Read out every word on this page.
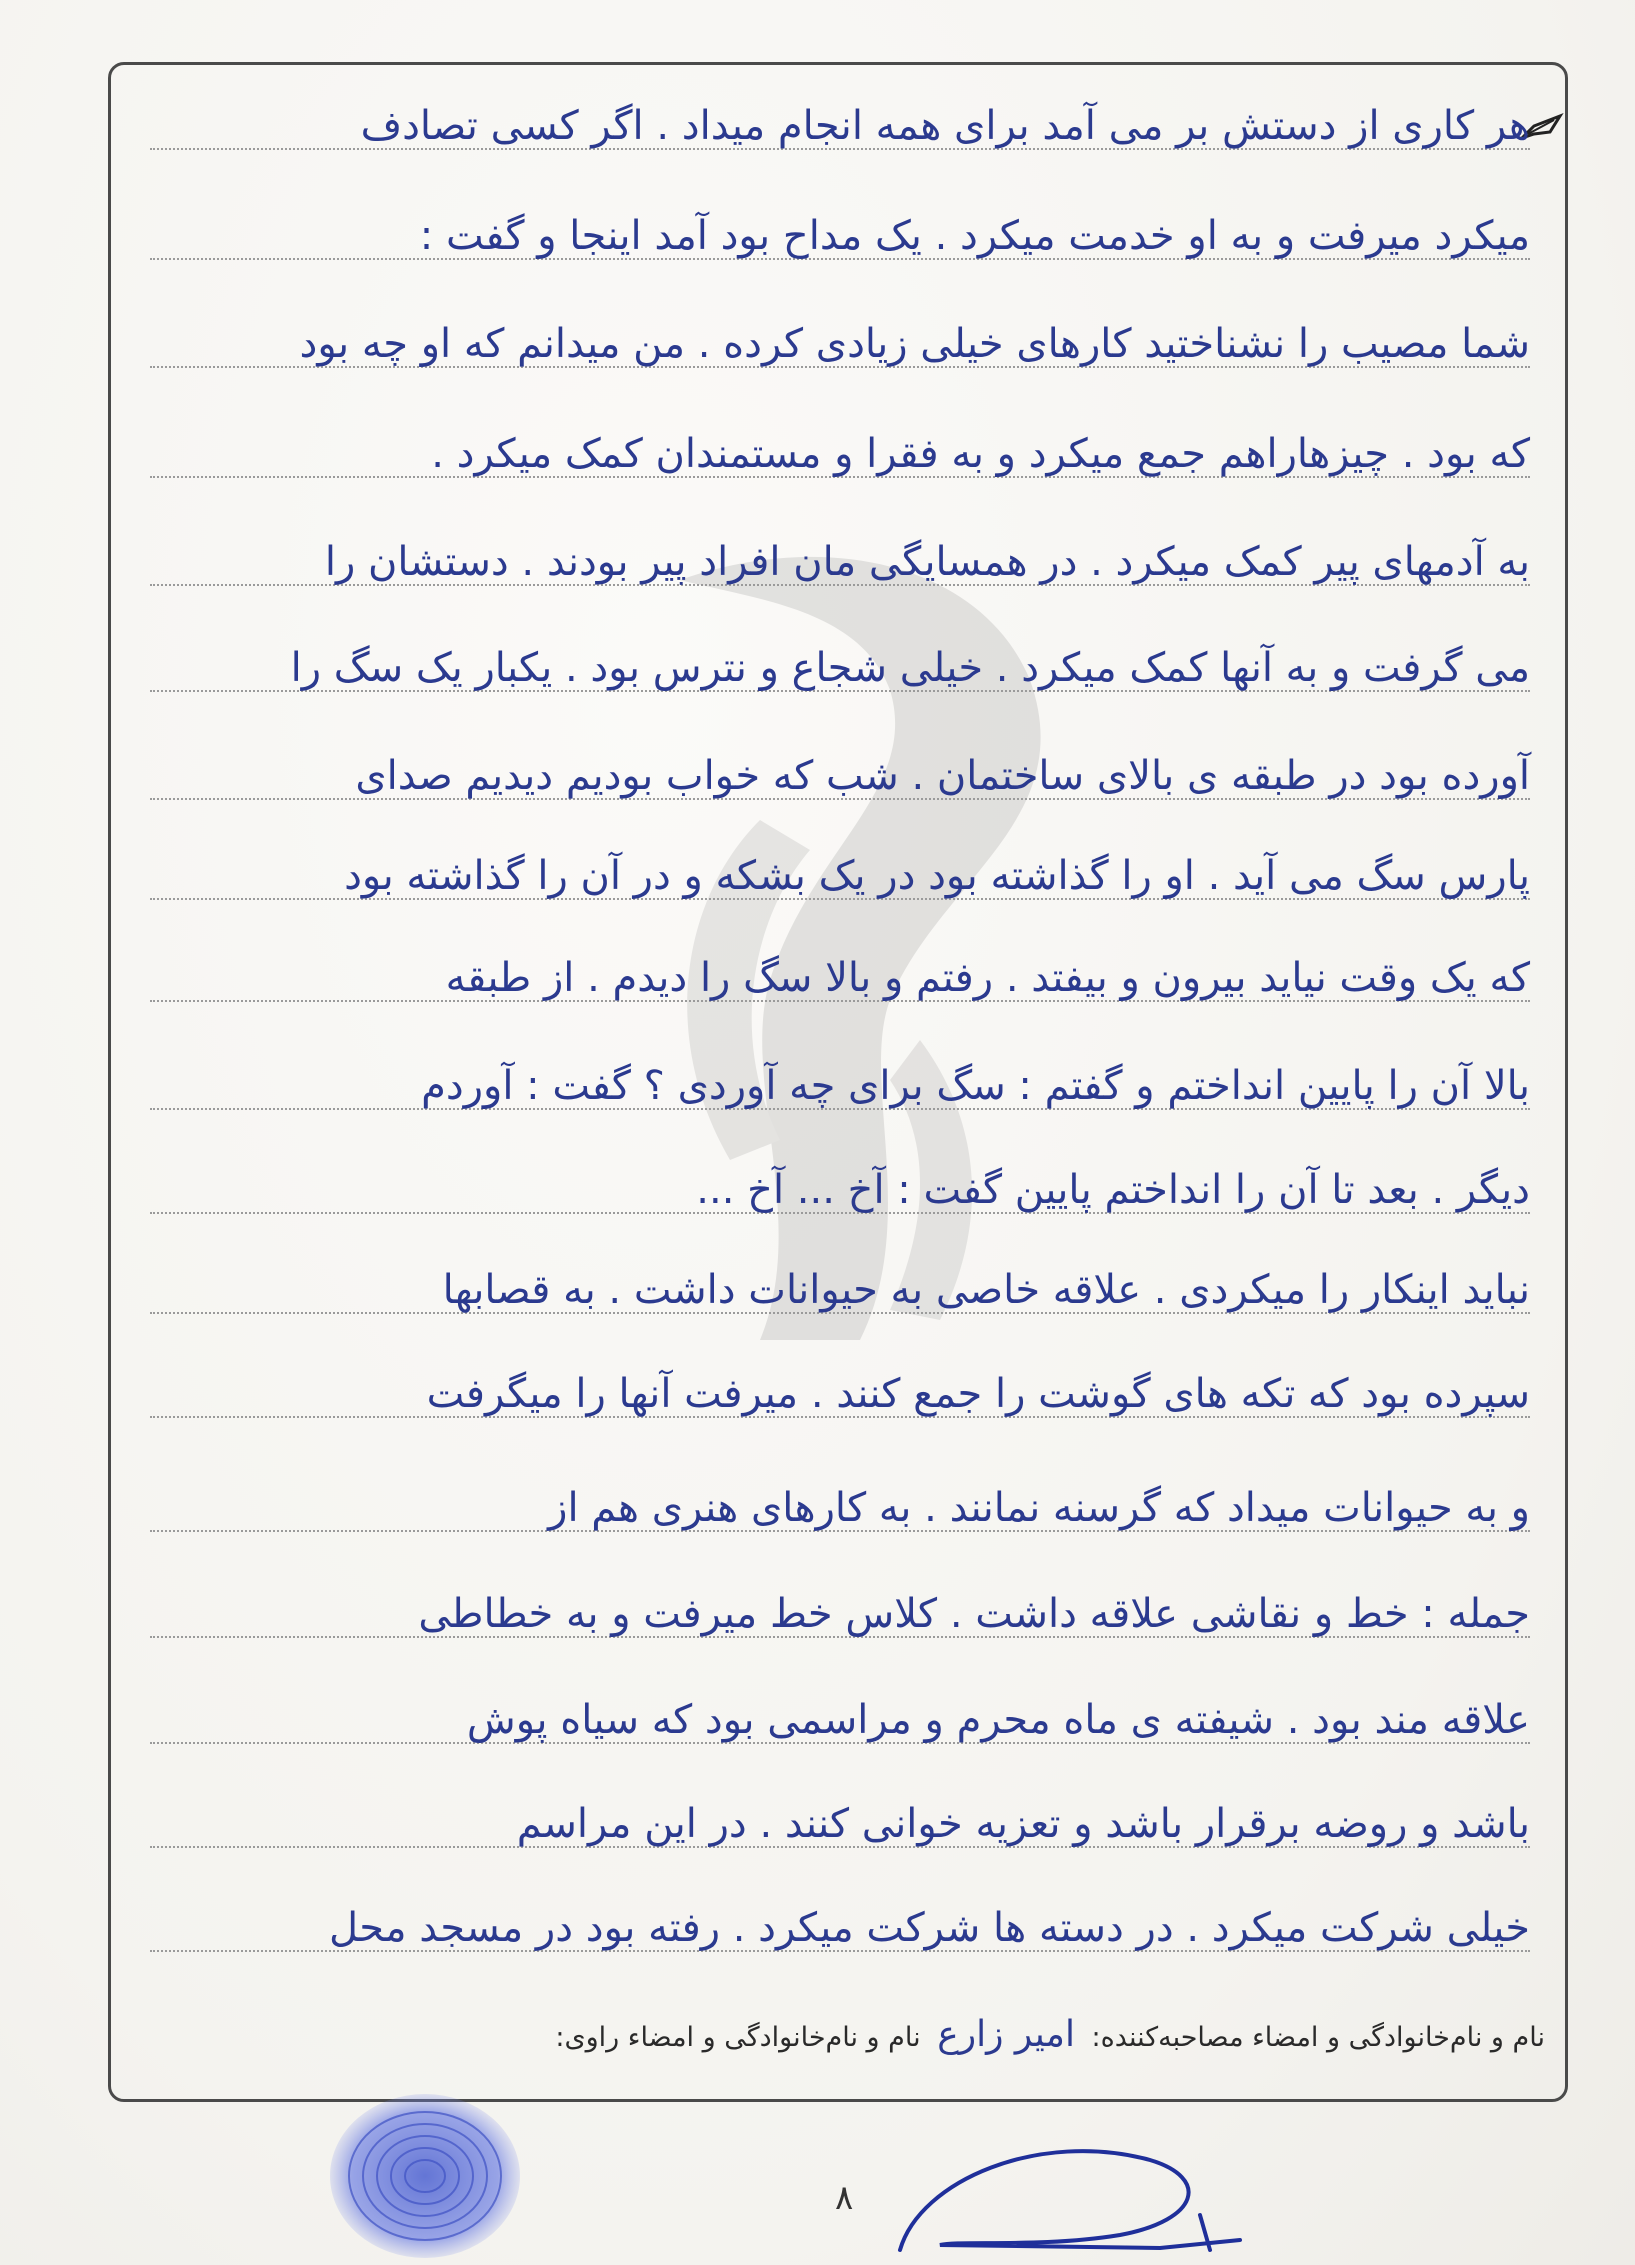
هر کاری از دستش بر می آمد برای همه انجام میداد . اگر کسی تصادف
میکرد میرفت و به او خدمت میکرد . یک مداح بود آمد اینجا و گفت :
شما مصیب را نشناختید کارهای خیلی زیادی کرده . من میدانم که او چه بود
که بود . چیزهاراهم جمع میکرد و به فقرا و مستمندان کمک میکرد .
به آدمهای پیر کمک میکرد . در همسایگی مان افراد پیر بودند . دستشان را
می گرفت و به آنها کمک میکرد . خیلی شجاع و نترس بود . یکبار یک سگ را
آورده بود در طبقه ی بالای ساختمان . شب که خواب بودیم دیدیم صدای
پارس سگ می آید . او را گذاشته بود در یک بشکه و در آن را گذاشته بود
که یک وقت نیاید بیرون و بیفتد . رفتم و بالا سگ را دیدم . از طبقه
بالا آن را پایین انداختم و گفتم : سگ برای چه آوردی ؟ گفت : آوردم
دیگر . بعد تا آن را انداختم پایین گفت : آخ ... آخ ...
نباید اینکار را میکردی . علاقه خاصی به حیوانات داشت . به قصابها
سپرده بود که تکه های گوشت را جمع کنند . میرفت آنها را میگرفت
و به حیوانات میداد که گرسنه نمانند . به کارهای هنری هم از
جمله : خط و نقاشی علاقه داشت . کلاس خط میرفت و به خطاطی
علاقه مند بود . شیفته ی ماه محرم و مراسمی بود که سیاه پوش
باشد و روضه برقرار باشد و تعزیه خوانی کنند . در این مراسم
خیلی شرکت میکرد . در دسته ها شرکت میکرد . رفته بود در مسجد محل
نام و نام‌خانوادگی و امضاء مصاحبه‌کننده: امیر زارع نام و نام‌خانوادگی و امضاء راوی:
۸
